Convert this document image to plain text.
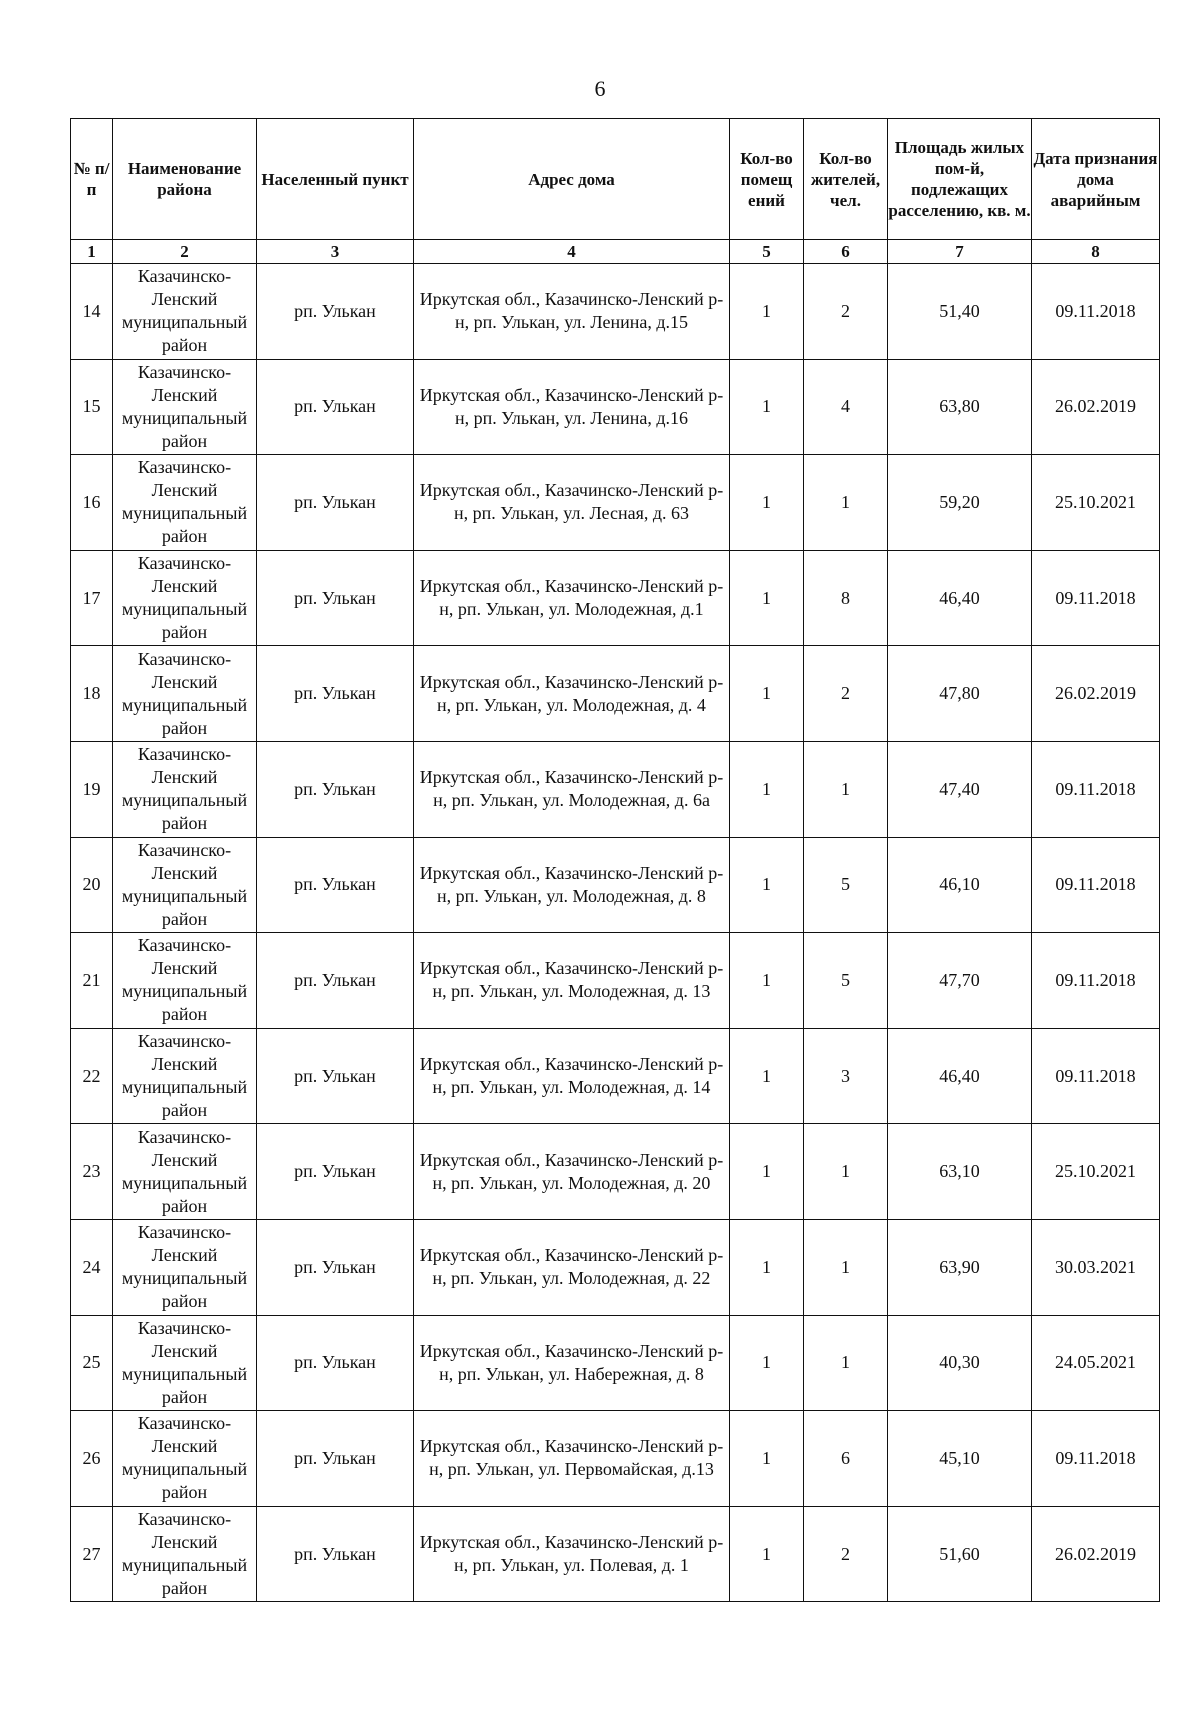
6
№ п/п	Наименование района	Населенный пункт	Адрес дома	Кол-во помещ ений	Кол-во жителей, чел.	Площадь жилых пом-й, подлежащих расселению, кв. м.	Дата признания дома аварийным
1	2	3	4	5	6	7	8
14	Казачинско-Ленский муниципальный район	рп. Улькан	Иркутская обл., Казачинско-Ленский р-н, рп. Улькан, ул. Ленина, д.15	1	2	51,40	09.11.2018
15	Казачинско-Ленский муниципальный район	рп. Улькан	Иркутская обл., Казачинско-Ленский р-н, рп. Улькан, ул. Ленина, д.16	1	4	63,80	26.02.2019
16	Казачинско-Ленский муниципальный район	рп. Улькан	Иркутская обл., Казачинско-Ленский р-н, рп. Улькан, ул. Лесная, д. 63	1	1	59,20	25.10.2021
17	Казачинско-Ленский муниципальный район	рп. Улькан	Иркутская обл., Казачинско-Ленский р-н, рп. Улькан, ул. Молодежная, д.1	1	8	46,40	09.11.2018
18	Казачинско-Ленский муниципальный район	рп. Улькан	Иркутская обл., Казачинско-Ленский р-н, рп. Улькан, ул. Молодежная, д. 4	1	2	47,80	26.02.2019
19	Казачинско-Ленский муниципальный район	рп. Улькан	Иркутская обл., Казачинско-Ленский р-н, рп. Улькан, ул. Молодежная, д. 6а	1	1	47,40	09.11.2018
20	Казачинско-Ленский муниципальный район	рп. Улькан	Иркутская обл., Казачинско-Ленский р-н, рп. Улькан, ул. Молодежная, д. 8	1	5	46,10	09.11.2018
21	Казачинско-Ленский муниципальный район	рп. Улькан	Иркутская обл., Казачинско-Ленский р-н, рп. Улькан, ул. Молодежная, д. 13	1	5	47,70	09.11.2018
22	Казачинско-Ленский муниципальный район	рп. Улькан	Иркутская обл., Казачинско-Ленский р-н, рп. Улькан, ул. Молодежная, д. 14	1	3	46,40	09.11.2018
23	Казачинско-Ленский муниципальный район	рп. Улькан	Иркутская обл., Казачинско-Ленский р-н, рп. Улькан, ул. Молодежная, д. 20	1	1	63,10	25.10.2021
24	Казачинско-Ленский муниципальный район	рп. Улькан	Иркутская обл., Казачинско-Ленский р-н, рп. Улькан, ул. Молодежная, д. 22	1	1	63,90	30.03.2021
25	Казачинско-Ленский муниципальный район	рп. Улькан	Иркутская обл., Казачинско-Ленский р-н, рп. Улькан, ул. Набережная, д. 8	1	1	40,30	24.05.2021
26	Казачинско-Ленский муниципальный район	рп. Улькан	Иркутская обл., Казачинско-Ленский р-н, рп. Улькан, ул. Первомайская, д.13	1	6	45,10	09.11.2018
27	Казачинско-Ленский муниципальный район	рп. Улькан	Иркутская обл., Казачинско-Ленский р-н, рп. Улькан, ул. Полевая, д. 1	1	2	51,60	26.02.2019
